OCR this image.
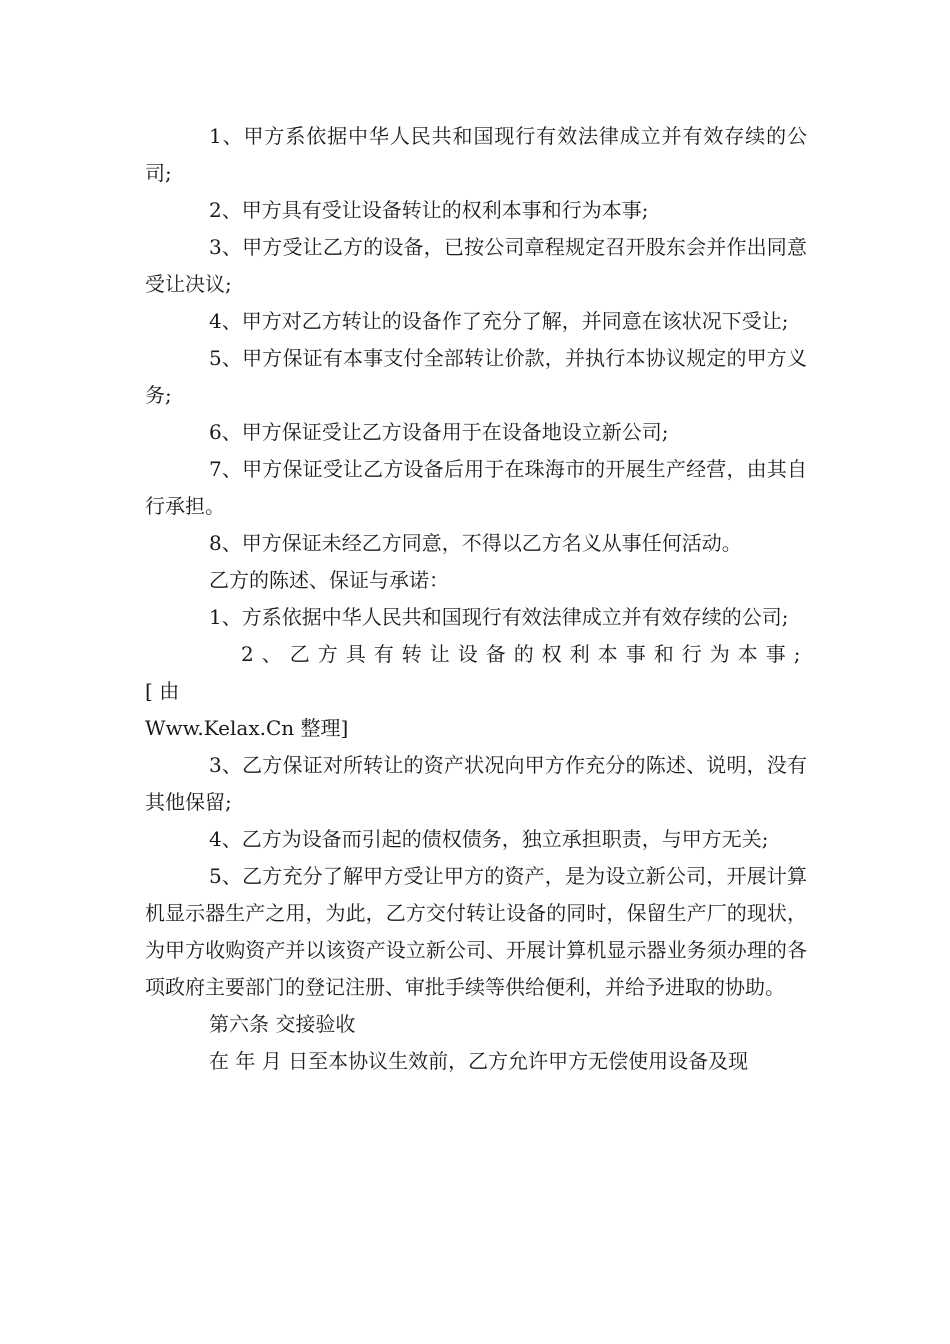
1、甲方系依据中华人民共和国现行有效法律成立并有效存续的公司;

2、甲方具有受让设备转让的权利本事和行为本事;

3、甲方受让乙方的设备，已按公司章程规定召开股东会并作出同意受让决议;

4、甲方对乙方转让的设备作了充分了解，并同意在该状况下受让;

5、甲方保证有本事支付全部转让价款，并执行本协议规定的甲方义务;

6、甲方保证受让乙方设备用于在设备地设立新公司;

7、甲方保证受让乙方设备后用于在珠海市的开展生产经营，由其自行承担。

8、甲方保证未经乙方同意，不得以乙方名义从事任何活动。

乙方的陈述、保证与承诺：

1、方系依据中华人民共和国现行有效法律成立并有效存续的公司;

2、乙方具有转让设备的权利本事和行为本事;[由
Www.Kelax.Cn 整理]

3、乙方保证对所转让的资产状况向甲方作充分的陈述、说明，没有其他保留;

4、乙方为设备而引起的债权债务，独立承担职责，与甲方无关;

5、乙方充分了解甲方受让甲方的资产，是为设立新公司，开展计算机显示器生产之用，为此，乙方交付转让设备的同时，保留生产厂的现状，为甲方收购资产并以该资产设立新公司、开展计算机显示器业务须办理的各项政府主要部门的登记注册、审批手续等供给便利，并给予进取的协助。

第六条 交接验收

在 年 月 日至本协议生效前，乙方允许甲方无偿使用设备及现
